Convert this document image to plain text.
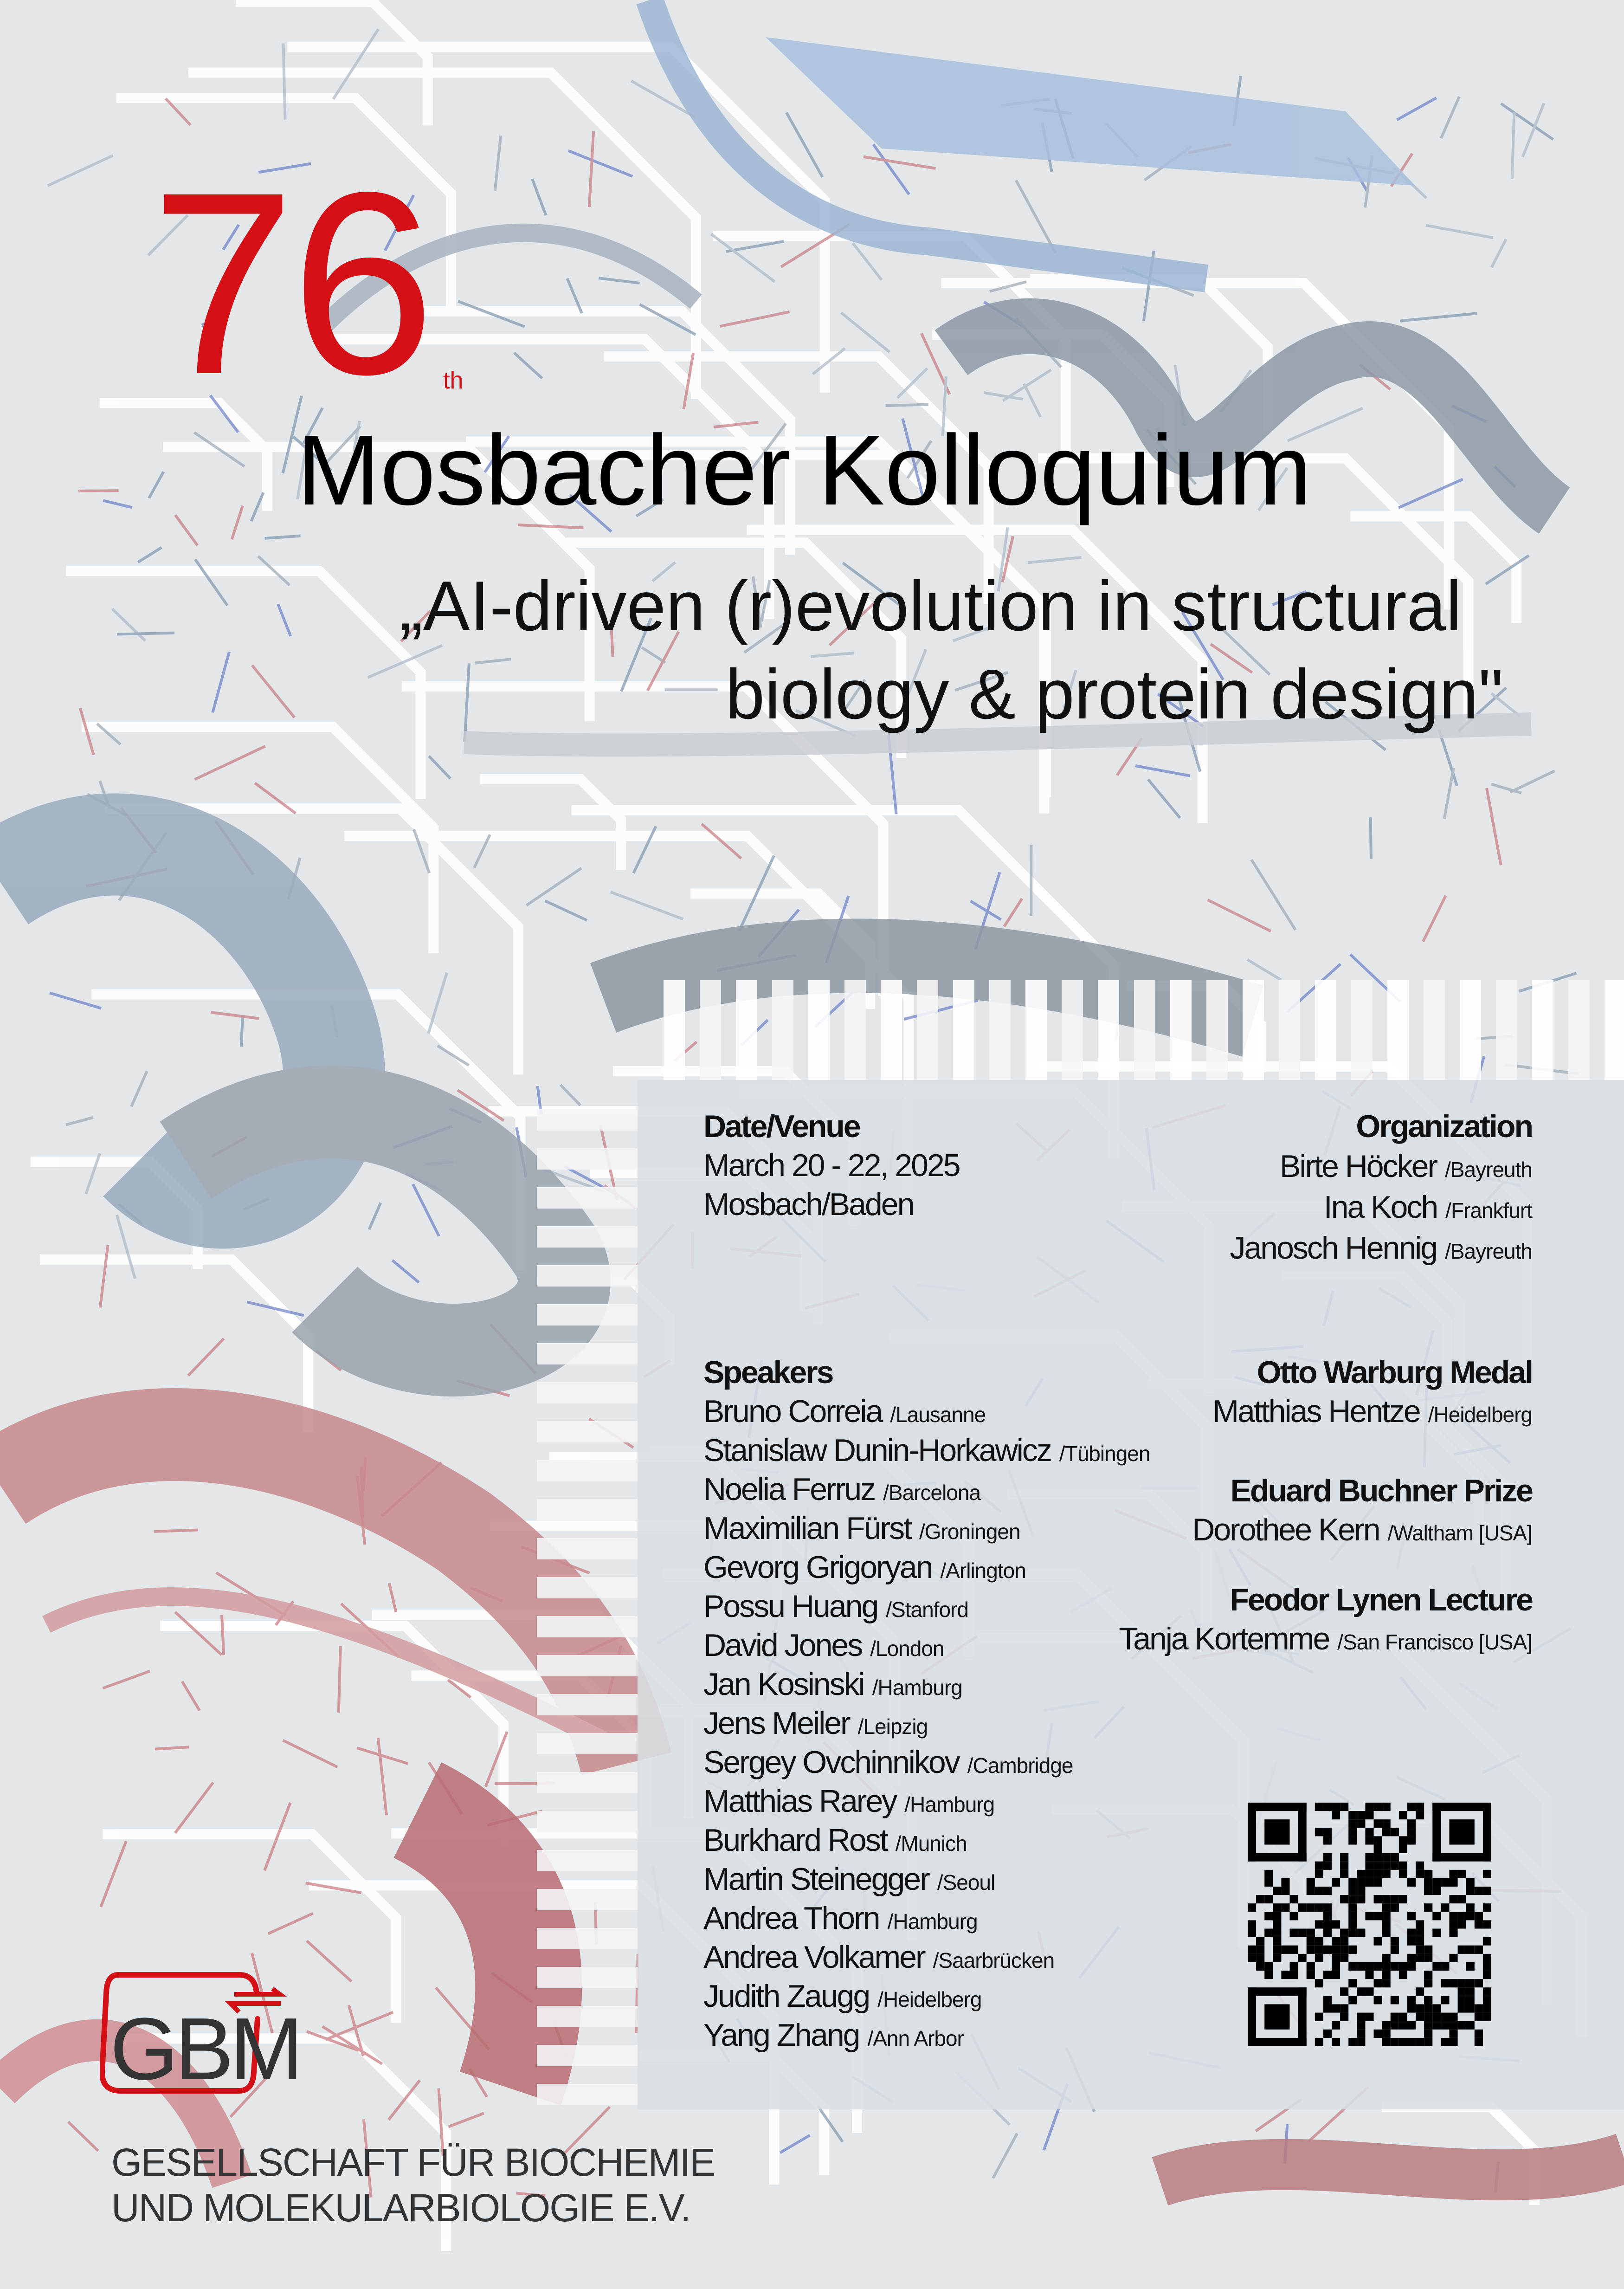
76 th
Mosbacher Kolloquium
„AI-driven (r)evolution in structural
biology & protein design"
Date/Venue
March 20 - 22, 2025
Mosbach/Baden
Speakers
Bruno Correia /Lausanne
Stanislaw Dunin-Horkawicz /Tübingen
Noelia Ferruz /Barcelona
Maximilian Fürst /Groningen
Gevorg Grigoryan /Arlington
Possu Huang /Stanford
David Jones /London
Jan Kosinski /Hamburg
Jens Meiler /Leipzig
Sergey Ovchinnikov /Cambridge
Matthias Rarey /Hamburg
Burkhard Rost /Munich
Martin Steinegger /Seoul
Andrea Thorn /Hamburg
Andrea Volkamer /Saarbrücken
Judith Zaugg /Heidelberg
Yang Zhang /Ann Arbor
Organization
Birte Höcker /Bayreuth
Ina Koch /Frankfurt
Janosch Hennig /Bayreuth
Otto Warburg Medal
Matthias Hentze /Heidelberg
Eduard Buchner Prize
Dorothee Kern /Waltham [USA]
Feodor Lynen Lecture
Tanja Kortemme /San Francisco [USA]
GBM
GESELLSCHAFT FÜR BIOCHEMIE
UND MOLEKULARBIOLOGIE E.V.
